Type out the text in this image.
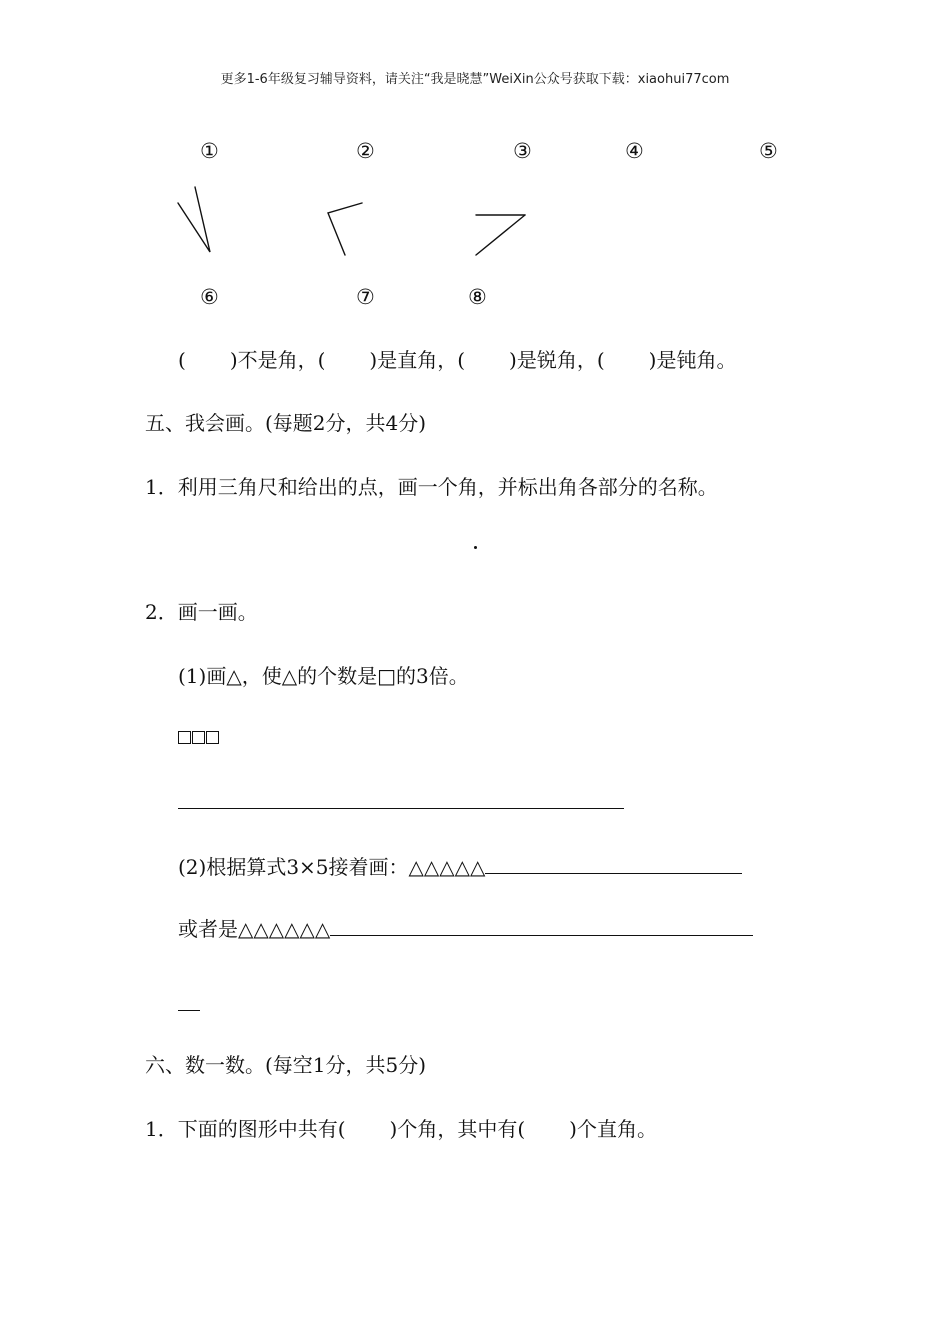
更多1-6年级复习辅导资料，请关注“我是晓慧”WeiXin公众号获取下载：xiaohui77com
①	②	③	④	⑤
⑥	⑦	⑧
( )不是角，( )是直角，( )是锐角，( )是钝角。
五、我会画。(每题2分，共4分)
1．利用三角尺和给出的点，画一个角，并标出角各部分的名称。
2．画一画。
(1)画△，使△的个数是□的3倍。
(2)根据算式3×5接着画：△△△△△
或者是△△△△△△
六、数一数。(每空1分，共5分)
1．下面的图形中共有( )个角，其中有( )个直角。
